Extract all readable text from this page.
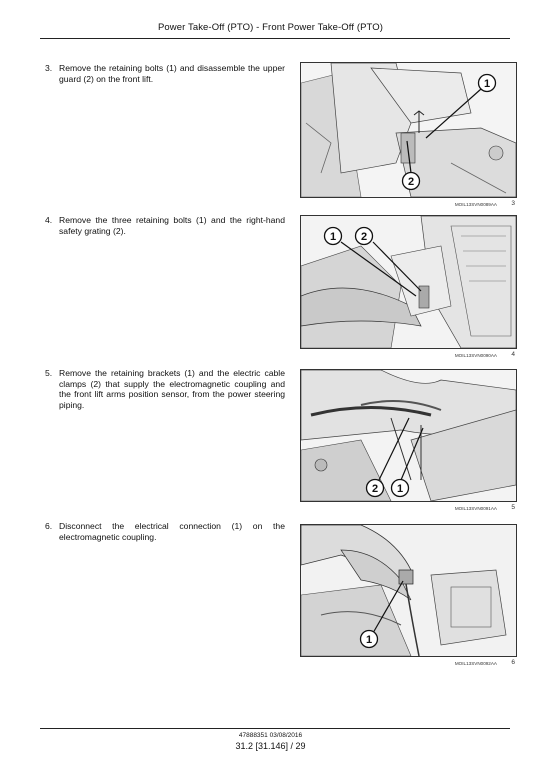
Power Take-Off (PTO) - Front Power Take-Off (PTO)
3. Remove the retaining bolts (1) and disassemble the upper guard (2) on the front lift.	1
2
MOIL13SVN0089AA 3
4. Remove the three retaining bolts (1) and the right-hand safety grating (2).
1 2
MOIL13SVN0090AA 4
5. Remove the retaining brackets (1) and the electric cable clamps (2) that supply the electromagnetic coupling and the front lift arms position sensor, from the power steering piping.
2 1
MOIL13SVN0091AA 5
6. Disconnect the electrical connection (1) on the electromagnetic coupling.
1
MOIL13SVN0092AA 6
47888351 03/08/2016
31.2 [31.146] / 29
